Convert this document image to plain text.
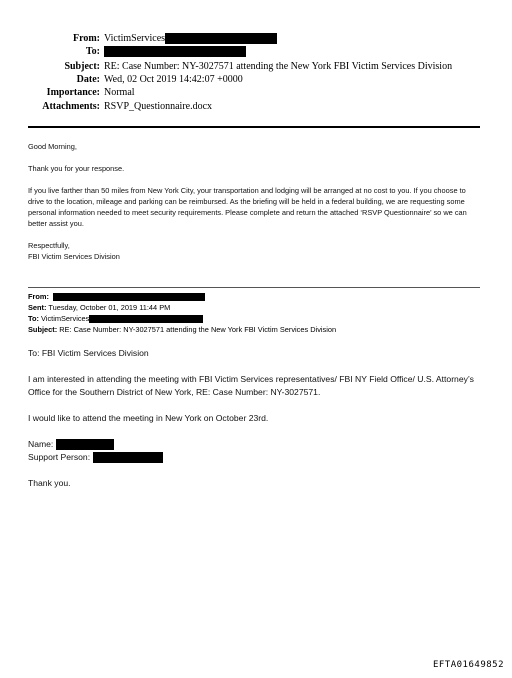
From: VictimServices
To:
Subject: RE: Case Number: NY-3027571 attending the New York FBI Victim Services Division
Date: Wed, 02 Oct 2019 14:42:07 +0000
Importance: Normal
Attachments: RSVP_Questionnaire.docx

Good Morning,

Thank you for your response.

If you live farther than 50 miles from New York City, your transportation and lodging will be arranged at no cost to you. If you choose to drive to the location, mileage and parking can be reimbursed. As the briefing will be held in a federal building, we are requesting some personal information needed to meet security requirements. Please complete and return the attached ‘RSVP Questionnaire’ so we can better assist you.

Respectfully,

FBI Victim Services Division

From:
Sent: Tuesday, October 01, 2019 11:44 PM
To: VictimServices
Subject: RE: Case Number: NY-3027571 attending the New York FBI Victim Services Division

To: FBI Victim Services Division

I am interested in attending the meeting with FBI Victim Services representatives/ FBI NY Field Office/ U.S. Attorney’s Office for the Southern District of New York, RE: Case Number: NY-3027571.

I would like to attend the meeting in New York on October 23rd.

Name:

Support Person:

Thank you.

EFTA01649852
